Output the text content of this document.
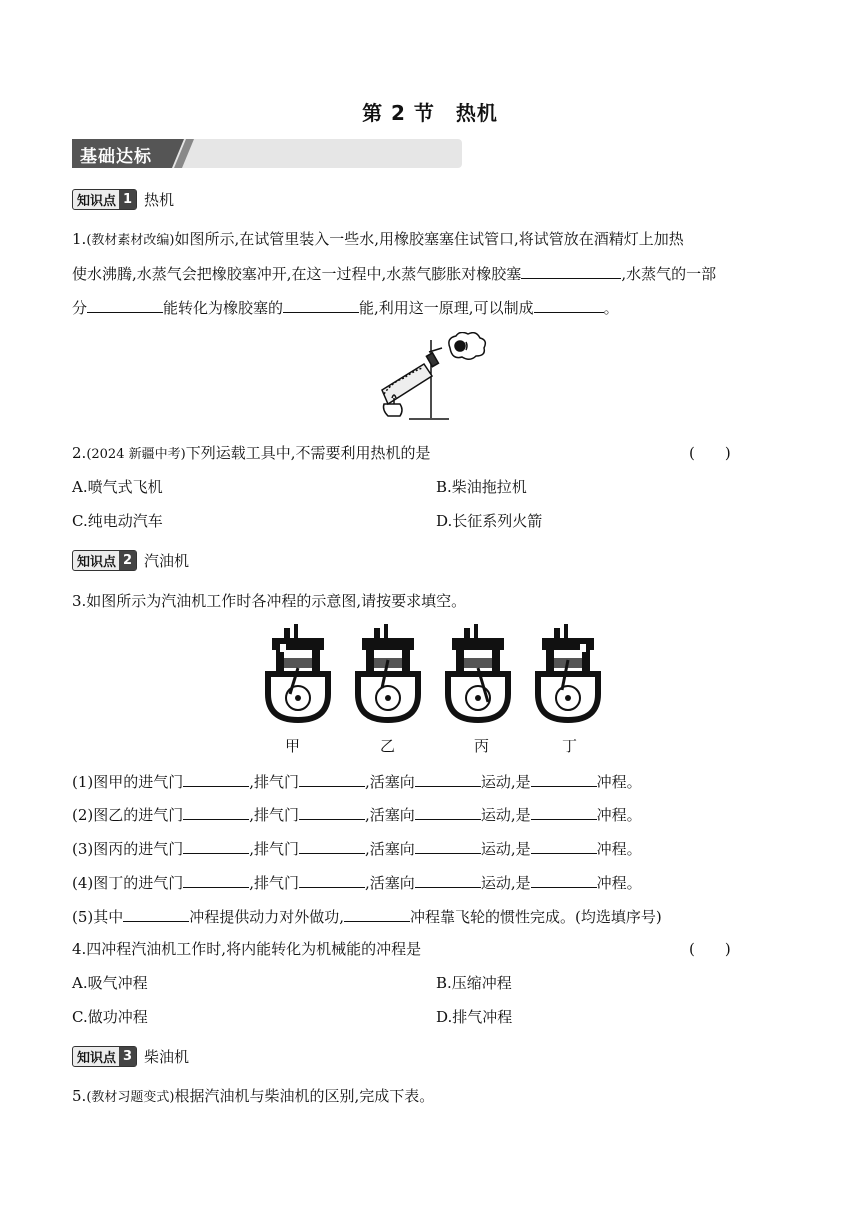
第 2 节　热机
基础达标
知识点 1 热机
1.(教材素材改编)如图所示,在试管里装入一些水,用橡胶塞塞住试管口,将试管放在酒精灯上加热
使水沸腾,水蒸气会把橡胶塞冲开,在这一过程中,水蒸气膨胀对橡胶塞	,水蒸气的一部
分	能转化为橡胶塞的	能,利用这一原理,可以制成	。
2.(2024 新疆中考)下列运载工具中,不需要利用热机的是	(　　)
A.喷气式飞机	B.柴油拖拉机
C.纯电动汽车	D.长征系列火箭
知识点 2 汽油机
3.如图所示为汽油机工作时各冲程的示意图,请按要求填空。
甲	乙	丙	丁
(1)图甲的进气门	,排气门	,活塞向	运动,是	冲程。
(2)图乙的进气门	,排气门	,活塞向	运动,是	冲程。
(3)图丙的进气门	,排气门	,活塞向	运动,是	冲程。
(4)图丁的进气门	,排气门	,活塞向	运动,是	冲程。
(5)其中	冲程提供动力对外做功,	冲程靠飞轮的惯性完成。(均选填序号)
4.四冲程汽油机工作时,将内能转化为机械能的冲程是	(　　)
A.吸气冲程	B.压缩冲程
C.做功冲程	D.排气冲程
知识点 3 柴油机
5.(教材习题变式)根据汽油机与柴油机的区别,完成下表。
